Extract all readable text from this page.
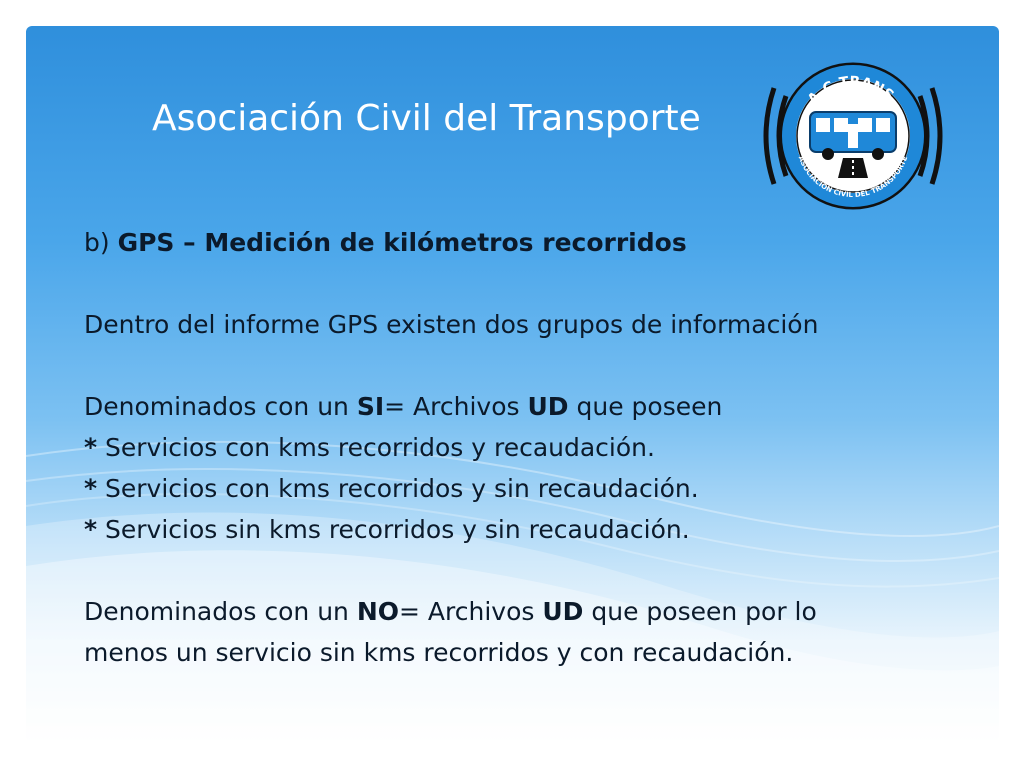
Asociación Civil del Transporte	A.C.TRANS.
ASOCIACION CIVIL DEL TRANSPORTE

b) GPS – Medición de kilómetros recorridos

Dentro del informe GPS existen dos grupos de información

Denominados con un SI= Archivos UD que poseen

* Servicios con kms recorridos y recaudación.

* Servicios con kms recorridos y sin recaudación.

* Servicios sin kms recorridos y sin recaudación.

Denominados con un NO= Archivos UD que poseen por lo

menos un servicio sin kms recorridos y con recaudación.
